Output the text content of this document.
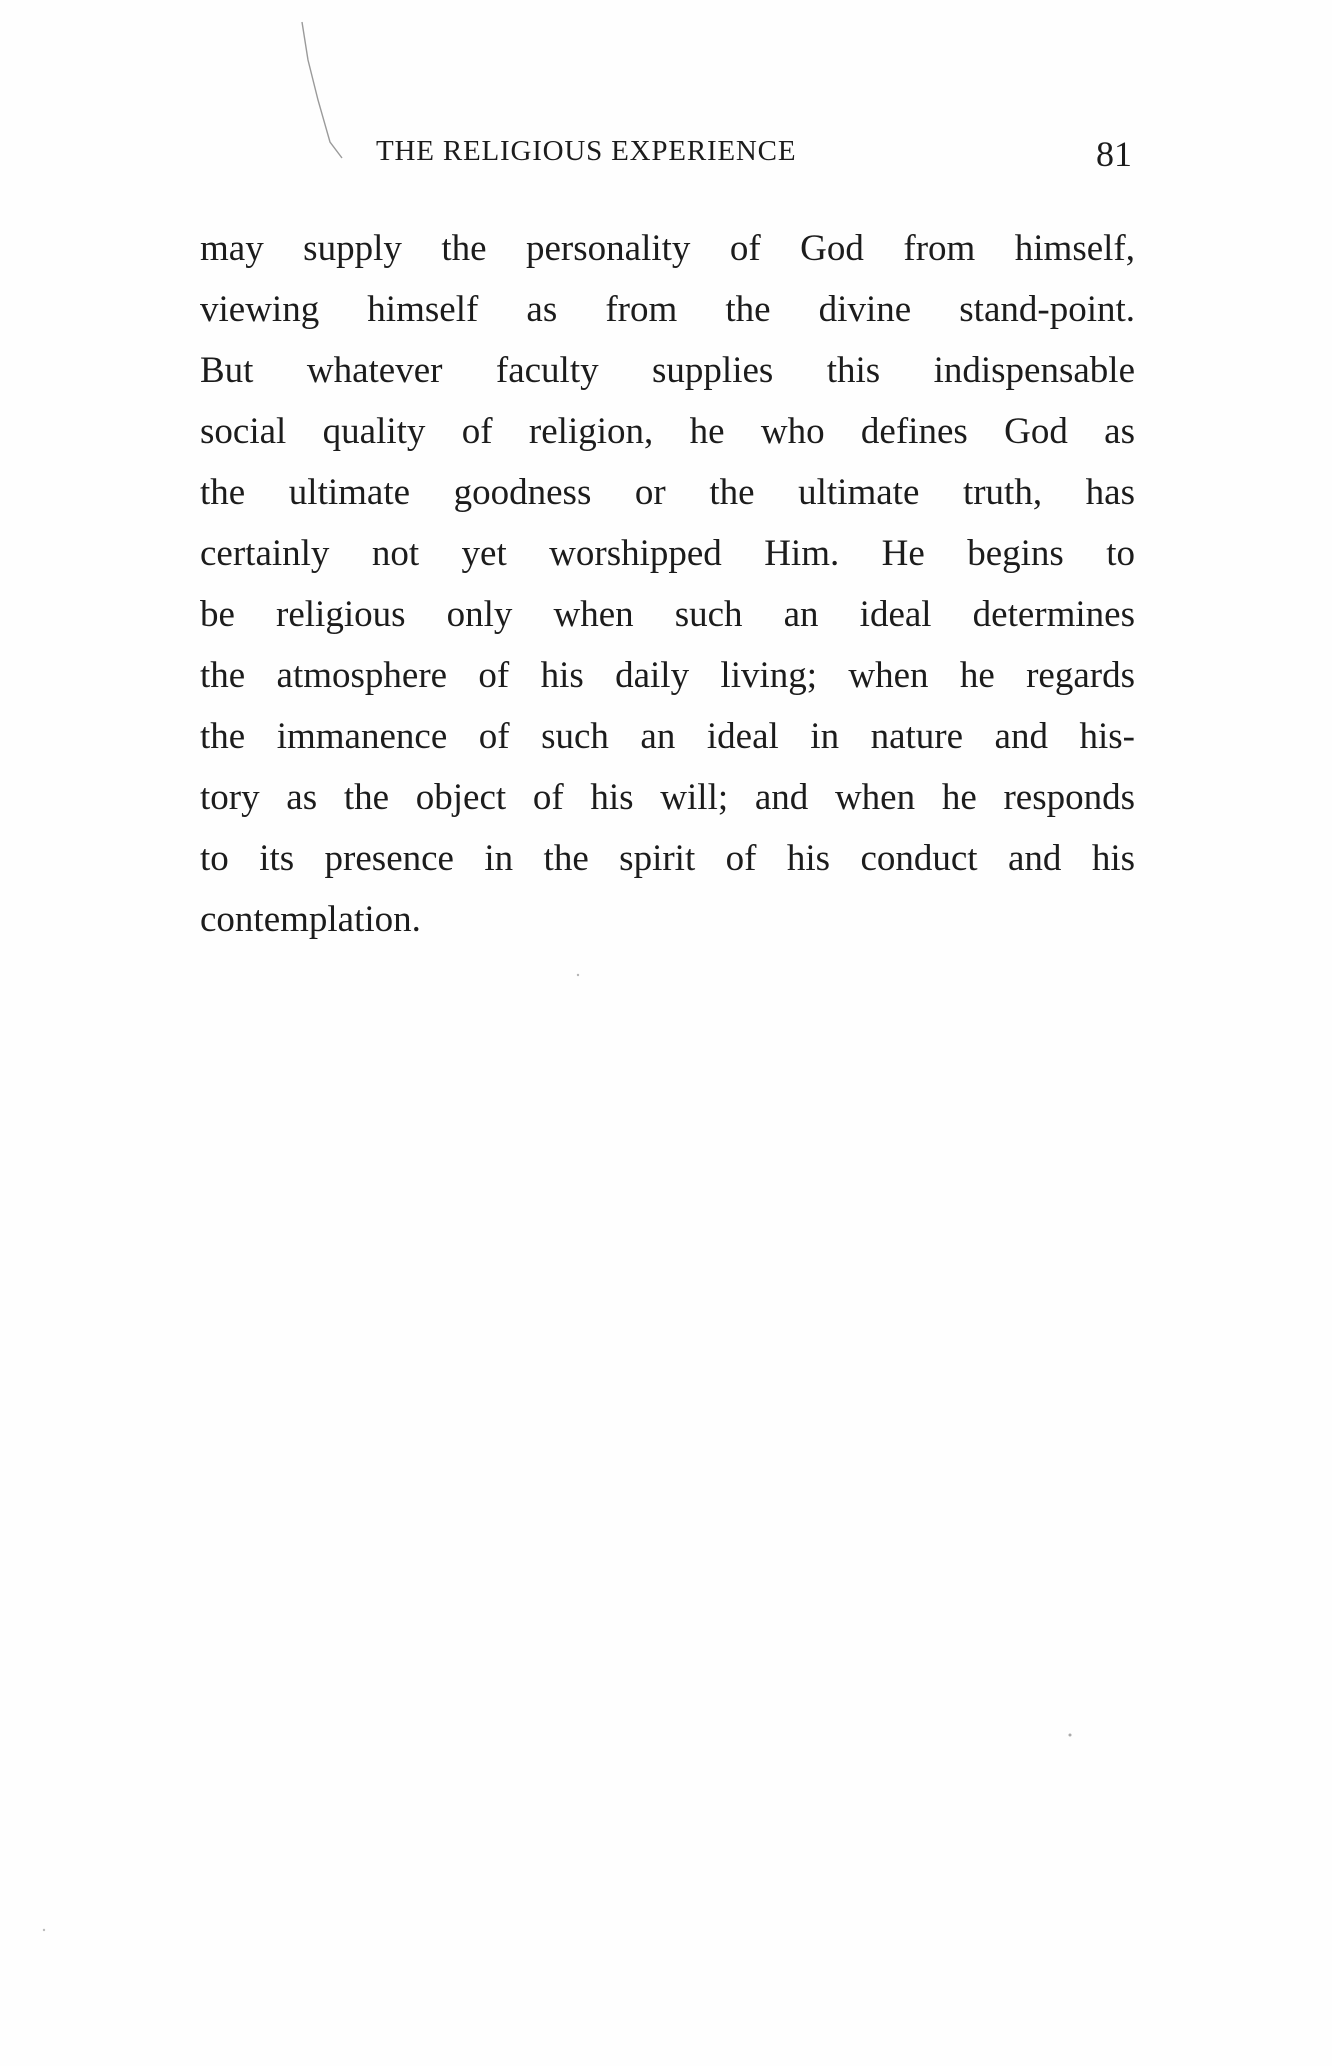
THE RELIGIOUS EXPERIENCE	81
may supply the personality of God from himself,
viewing himself as from the divine stand-point.
But whatever faculty supplies this indispensable
social quality of religion, he who defines God as
the ultimate goodness or the ultimate truth, has
certainly not yet worshipped Him. He begins to
be religious only when such an ideal determines
the atmosphere of his daily living; when he regards
the immanence of such an ideal in nature and his-
tory as the object of his will; and when he responds
to its presence in the spirit of his conduct and his
contemplation.
